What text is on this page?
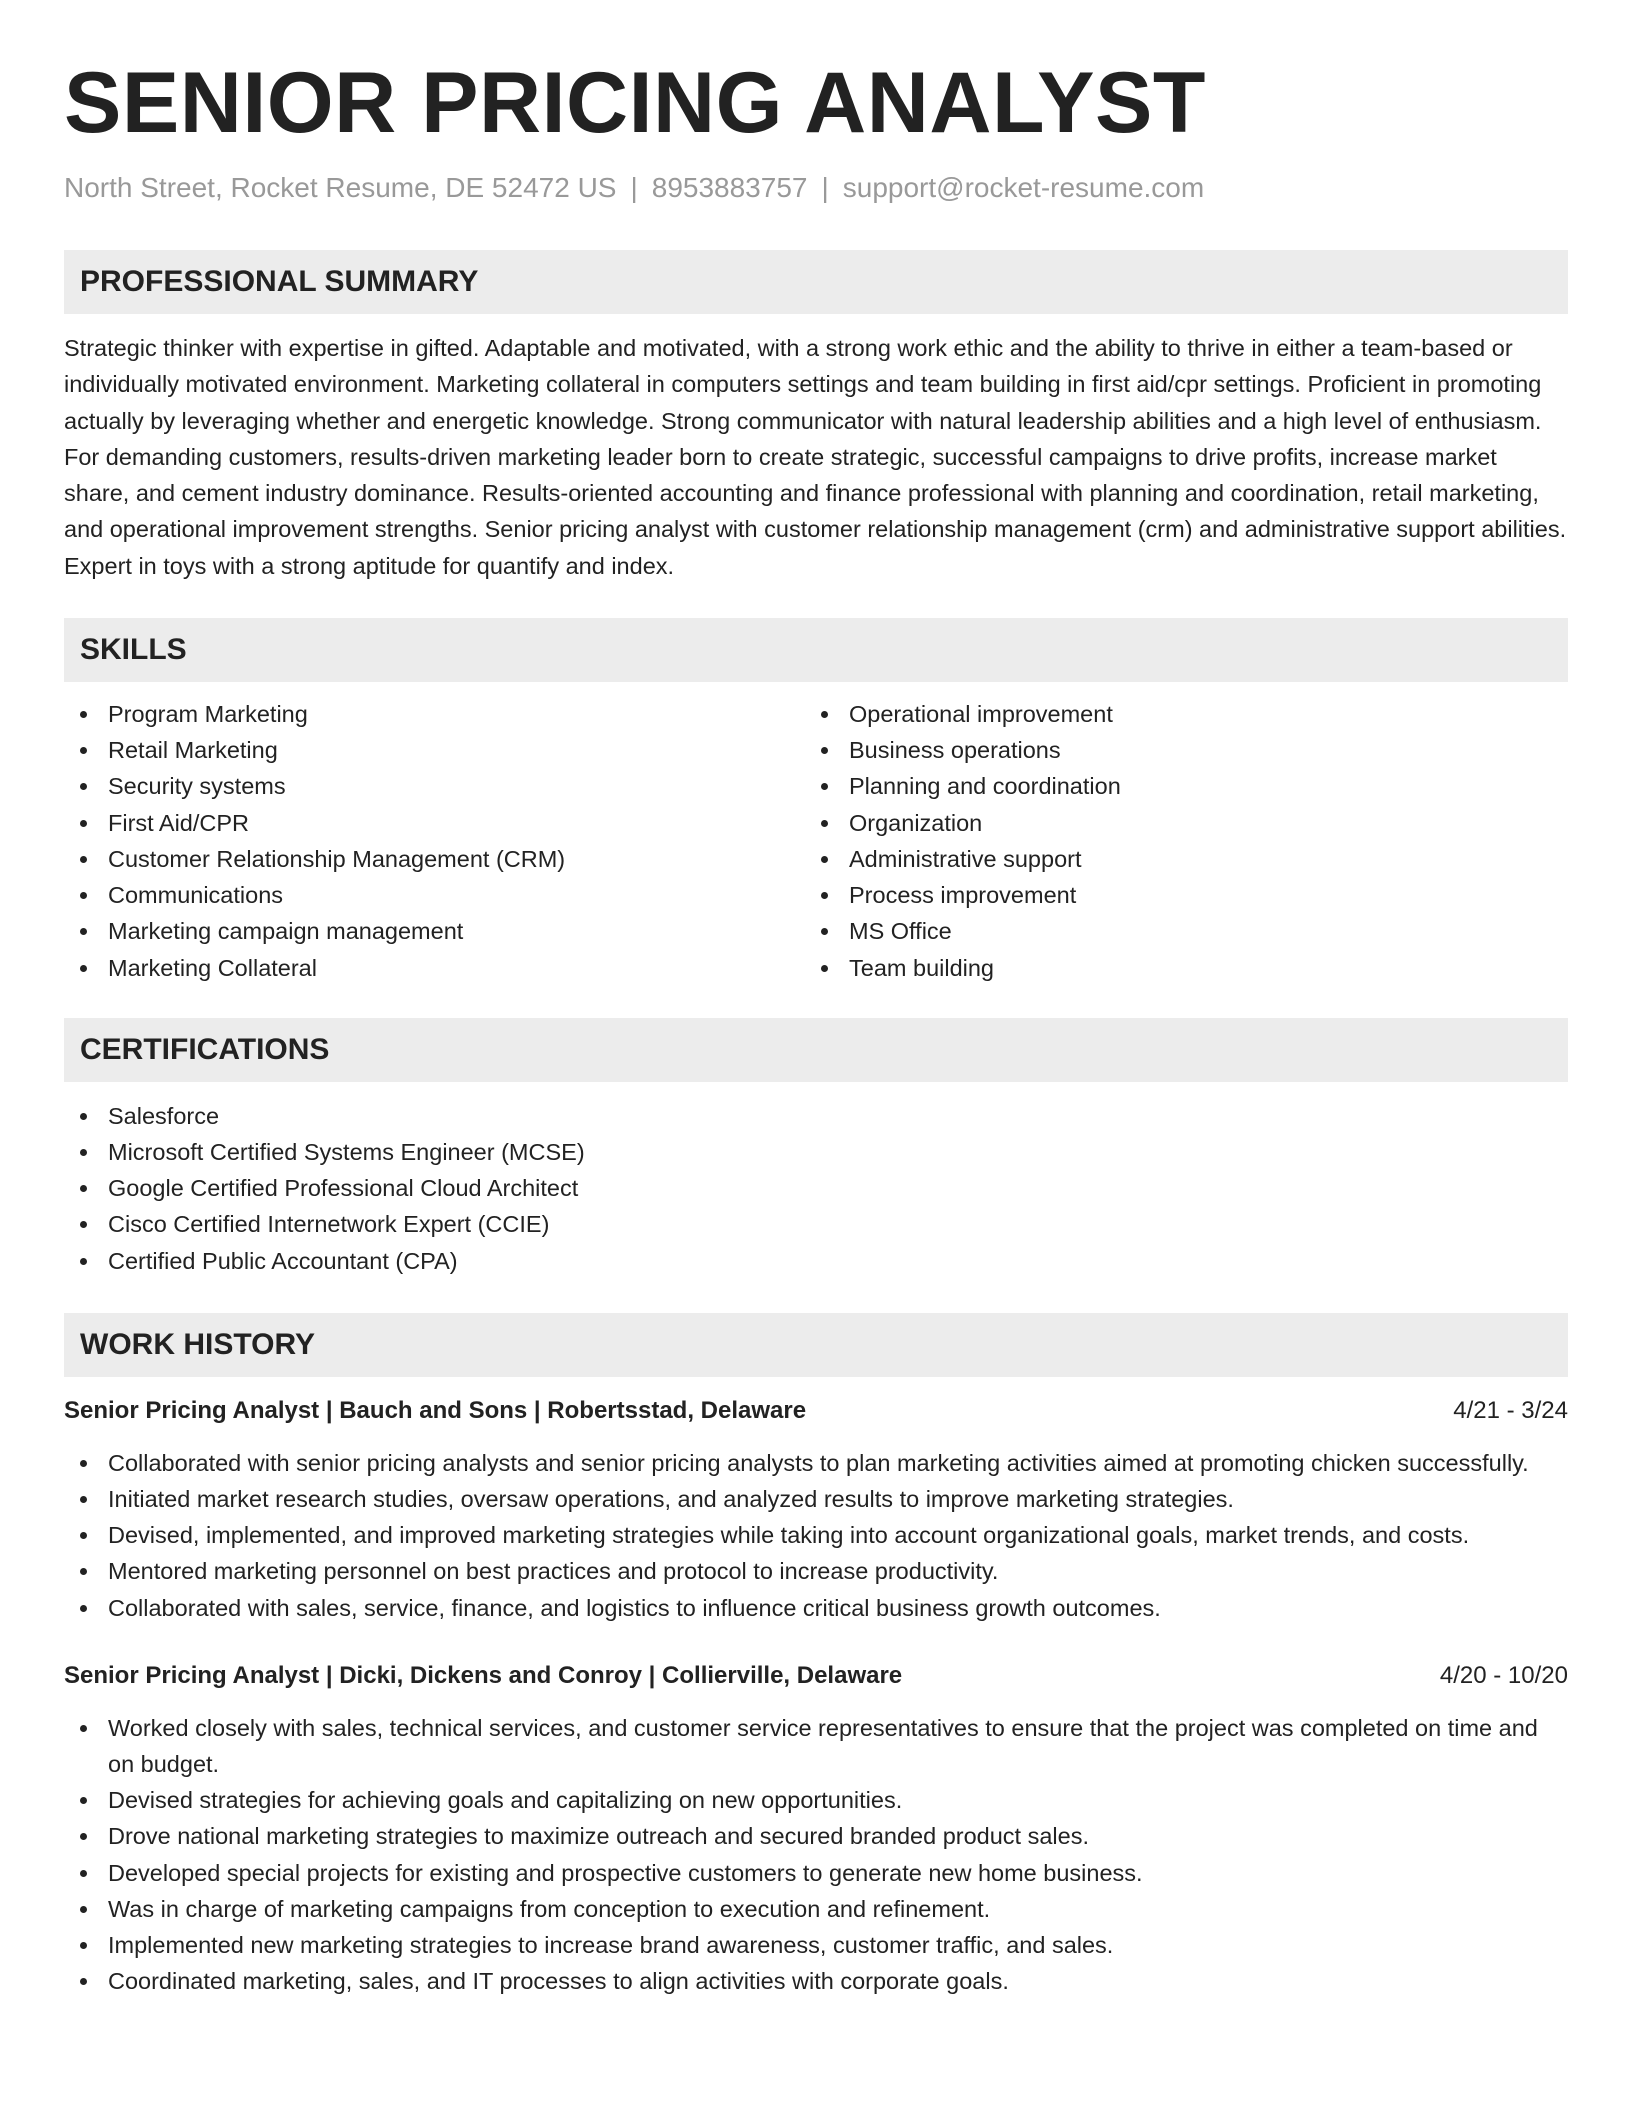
SENIOR PRICING ANALYST
North Street, Rocket Resume, DE 52472 US | 8953883757 | support@rocket-resume.com
PROFESSIONAL SUMMARY

Strategic thinker with expertise in gifted. Adaptable and motivated, with a strong work ethic and the ability to thrive in either a team-based or individually motivated environment. Marketing collateral in computers settings and team building in first aid/cpr settings. Proficient in promoting actually by leveraging whether and energetic knowledge. Strong communicator with natural leadership abilities and a high level of enthusiasm. For demanding customers, results-driven marketing leader born to create strategic, successful campaigns to drive profits, increase market share, and cement industry dominance. Results-oriented accounting and finance professional with planning and coordination, retail marketing, and operational improvement strengths. Senior pricing analyst with customer relationship management (crm) and administrative support abilities. Expert in toys with a strong aptitude for quantify and index.

SKILLS
Program Marketing
Retail Marketing
Security systems
First Aid/CPR
Customer Relationship Management (CRM)
Communications
Marketing campaign management
Marketing Collateral
Operational improvement
Business operations
Planning and coordination
Organization
Administrative support
Process improvement
MS Office
Team building
CERTIFICATIONS
Salesforce
Microsoft Certified Systems Engineer (MCSE)
Google Certified Professional Cloud Architect
Cisco Certified Internetwork Expert (CCIE)
Certified Public Accountant (CPA)
WORK HISTORY
Senior Pricing Analyst | Bauch and Sons | Robertsstad, Delaware	4/21 - 3/24
Collaborated with senior pricing analysts and senior pricing analysts to plan marketing activities aimed at promoting chicken successfully.
Initiated market research studies, oversaw operations, and analyzed results to improve marketing strategies.
Devised, implemented, and improved marketing strategies while taking into account organizational goals, market trends, and costs.
Mentored marketing personnel on best practices and protocol to increase productivity.
Collaborated with sales, service, finance, and logistics to influence critical business growth outcomes.
Senior Pricing Analyst | Dicki, Dickens and Conroy | Collierville, Delaware	4/20 - 10/20
Worked closely with sales, technical services, and customer service representatives to ensure that the project was completed on time and on budget.
Devised strategies for achieving goals and capitalizing on new opportunities.
Drove national marketing strategies to maximize outreach and secured branded product sales.
Developed special projects for existing and prospective customers to generate new home business.
Was in charge of marketing campaigns from conception to execution and refinement.
Implemented new marketing strategies to increase brand awareness, customer traffic, and sales.
Coordinated marketing, sales, and IT processes to align activities with corporate goals.
